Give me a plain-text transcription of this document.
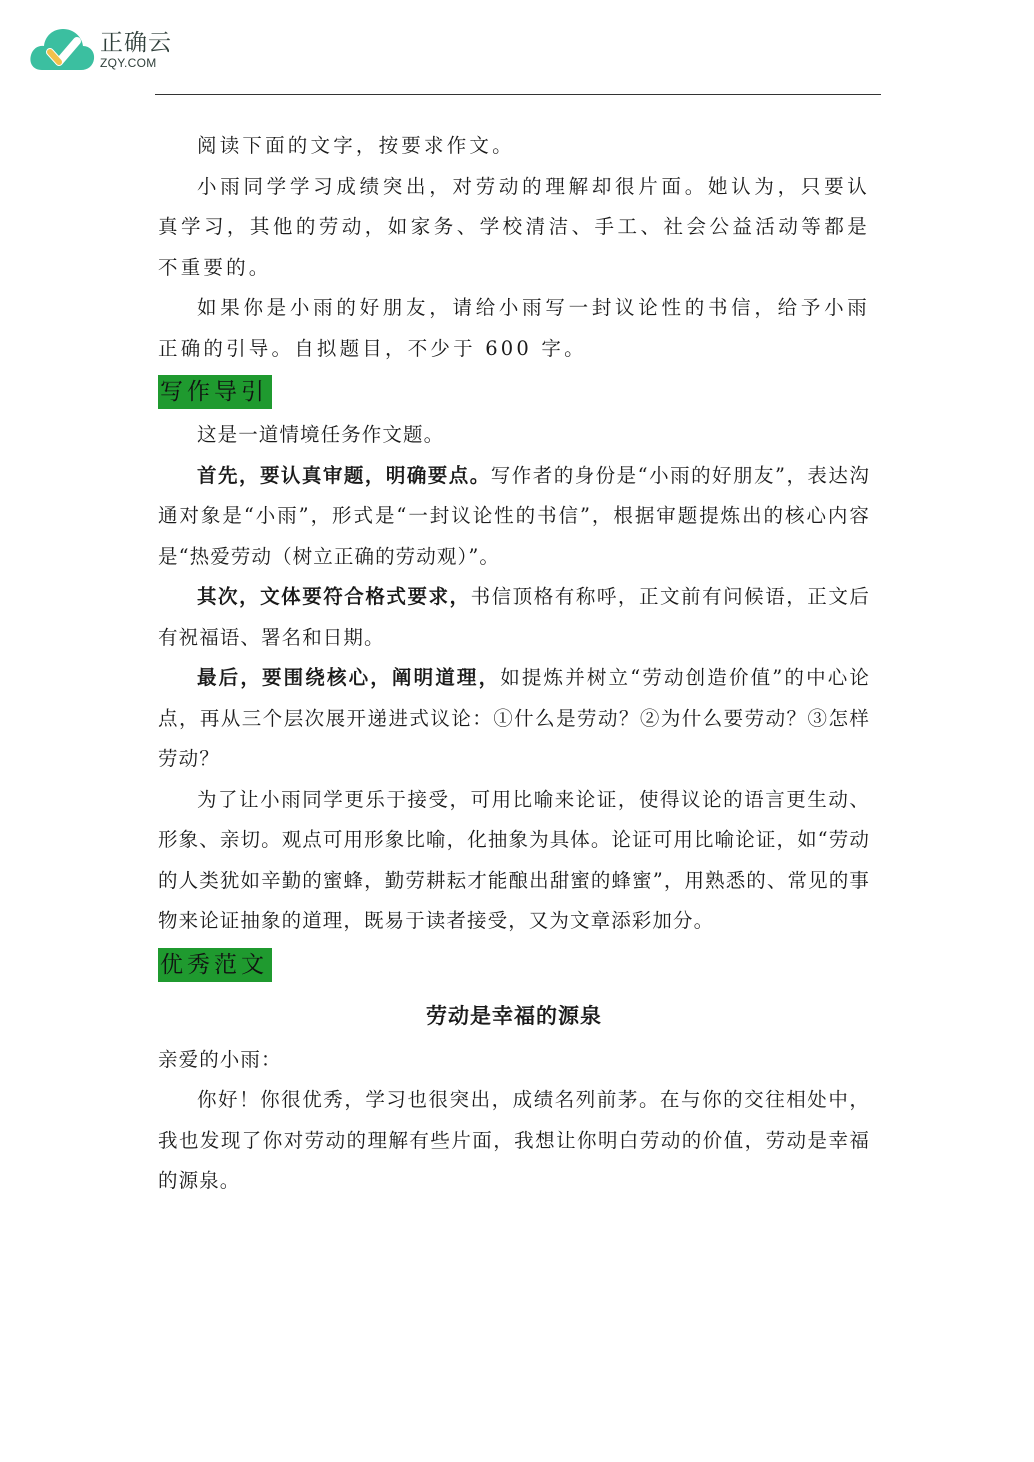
正确云
ZQY.COM

阅读下面的文字，按要求作文。

小雨同学学习成绩突出，对劳动的理解却很片面。她认为，只要认真学习，其他的劳动，如家务、学校清洁、手工、社会公益活动等都是不重要的。

如果你是小雨的好朋友，请给小雨写一封议论性的书信，给予小雨正确的引导。自拟题目，不少于 600 字。

写作导引

这是一道情境任务作文题。

首先，要认真审题，明确要点。写作者的身份是“小雨的好朋友”，表达沟通对象是“小雨”，形式是“一封议论性的书信”，根据审题提炼出的核心内容是“热爱劳动（树立正确的劳动观）”。

其次，文体要符合格式要求，书信顶格有称呼，正文前有问候语，正文后有祝福语、署名和日期。

最后，要围绕核心，阐明道理，如提炼并树立“劳动创造价值”的中心论点，再从三个层次展开递进式议论：①什么是劳动？②为什么要劳动？③怎样劳动？

为了让小雨同学更乐于接受，可用比喻来论证，使得议论的语言更生动、形象、亲切。观点可用形象比喻，化抽象为具体。论证可用比喻论证，如“劳动的人类犹如辛勤的蜜蜂，勤劳耕耘才能酿出甜蜜的蜂蜜”，用熟悉的、常见的事物来论证抽象的道理，既易于读者接受，又为文章添彩加分。

优秀范文
劳动是幸福的源泉

亲爱的小雨：

你好！你很优秀，学习也很突出，成绩名列前茅。在与你的交往相处中，我也发现了你对劳动的理解有些片面，我想让你明白劳动的价值，劳动是幸福的源泉。
